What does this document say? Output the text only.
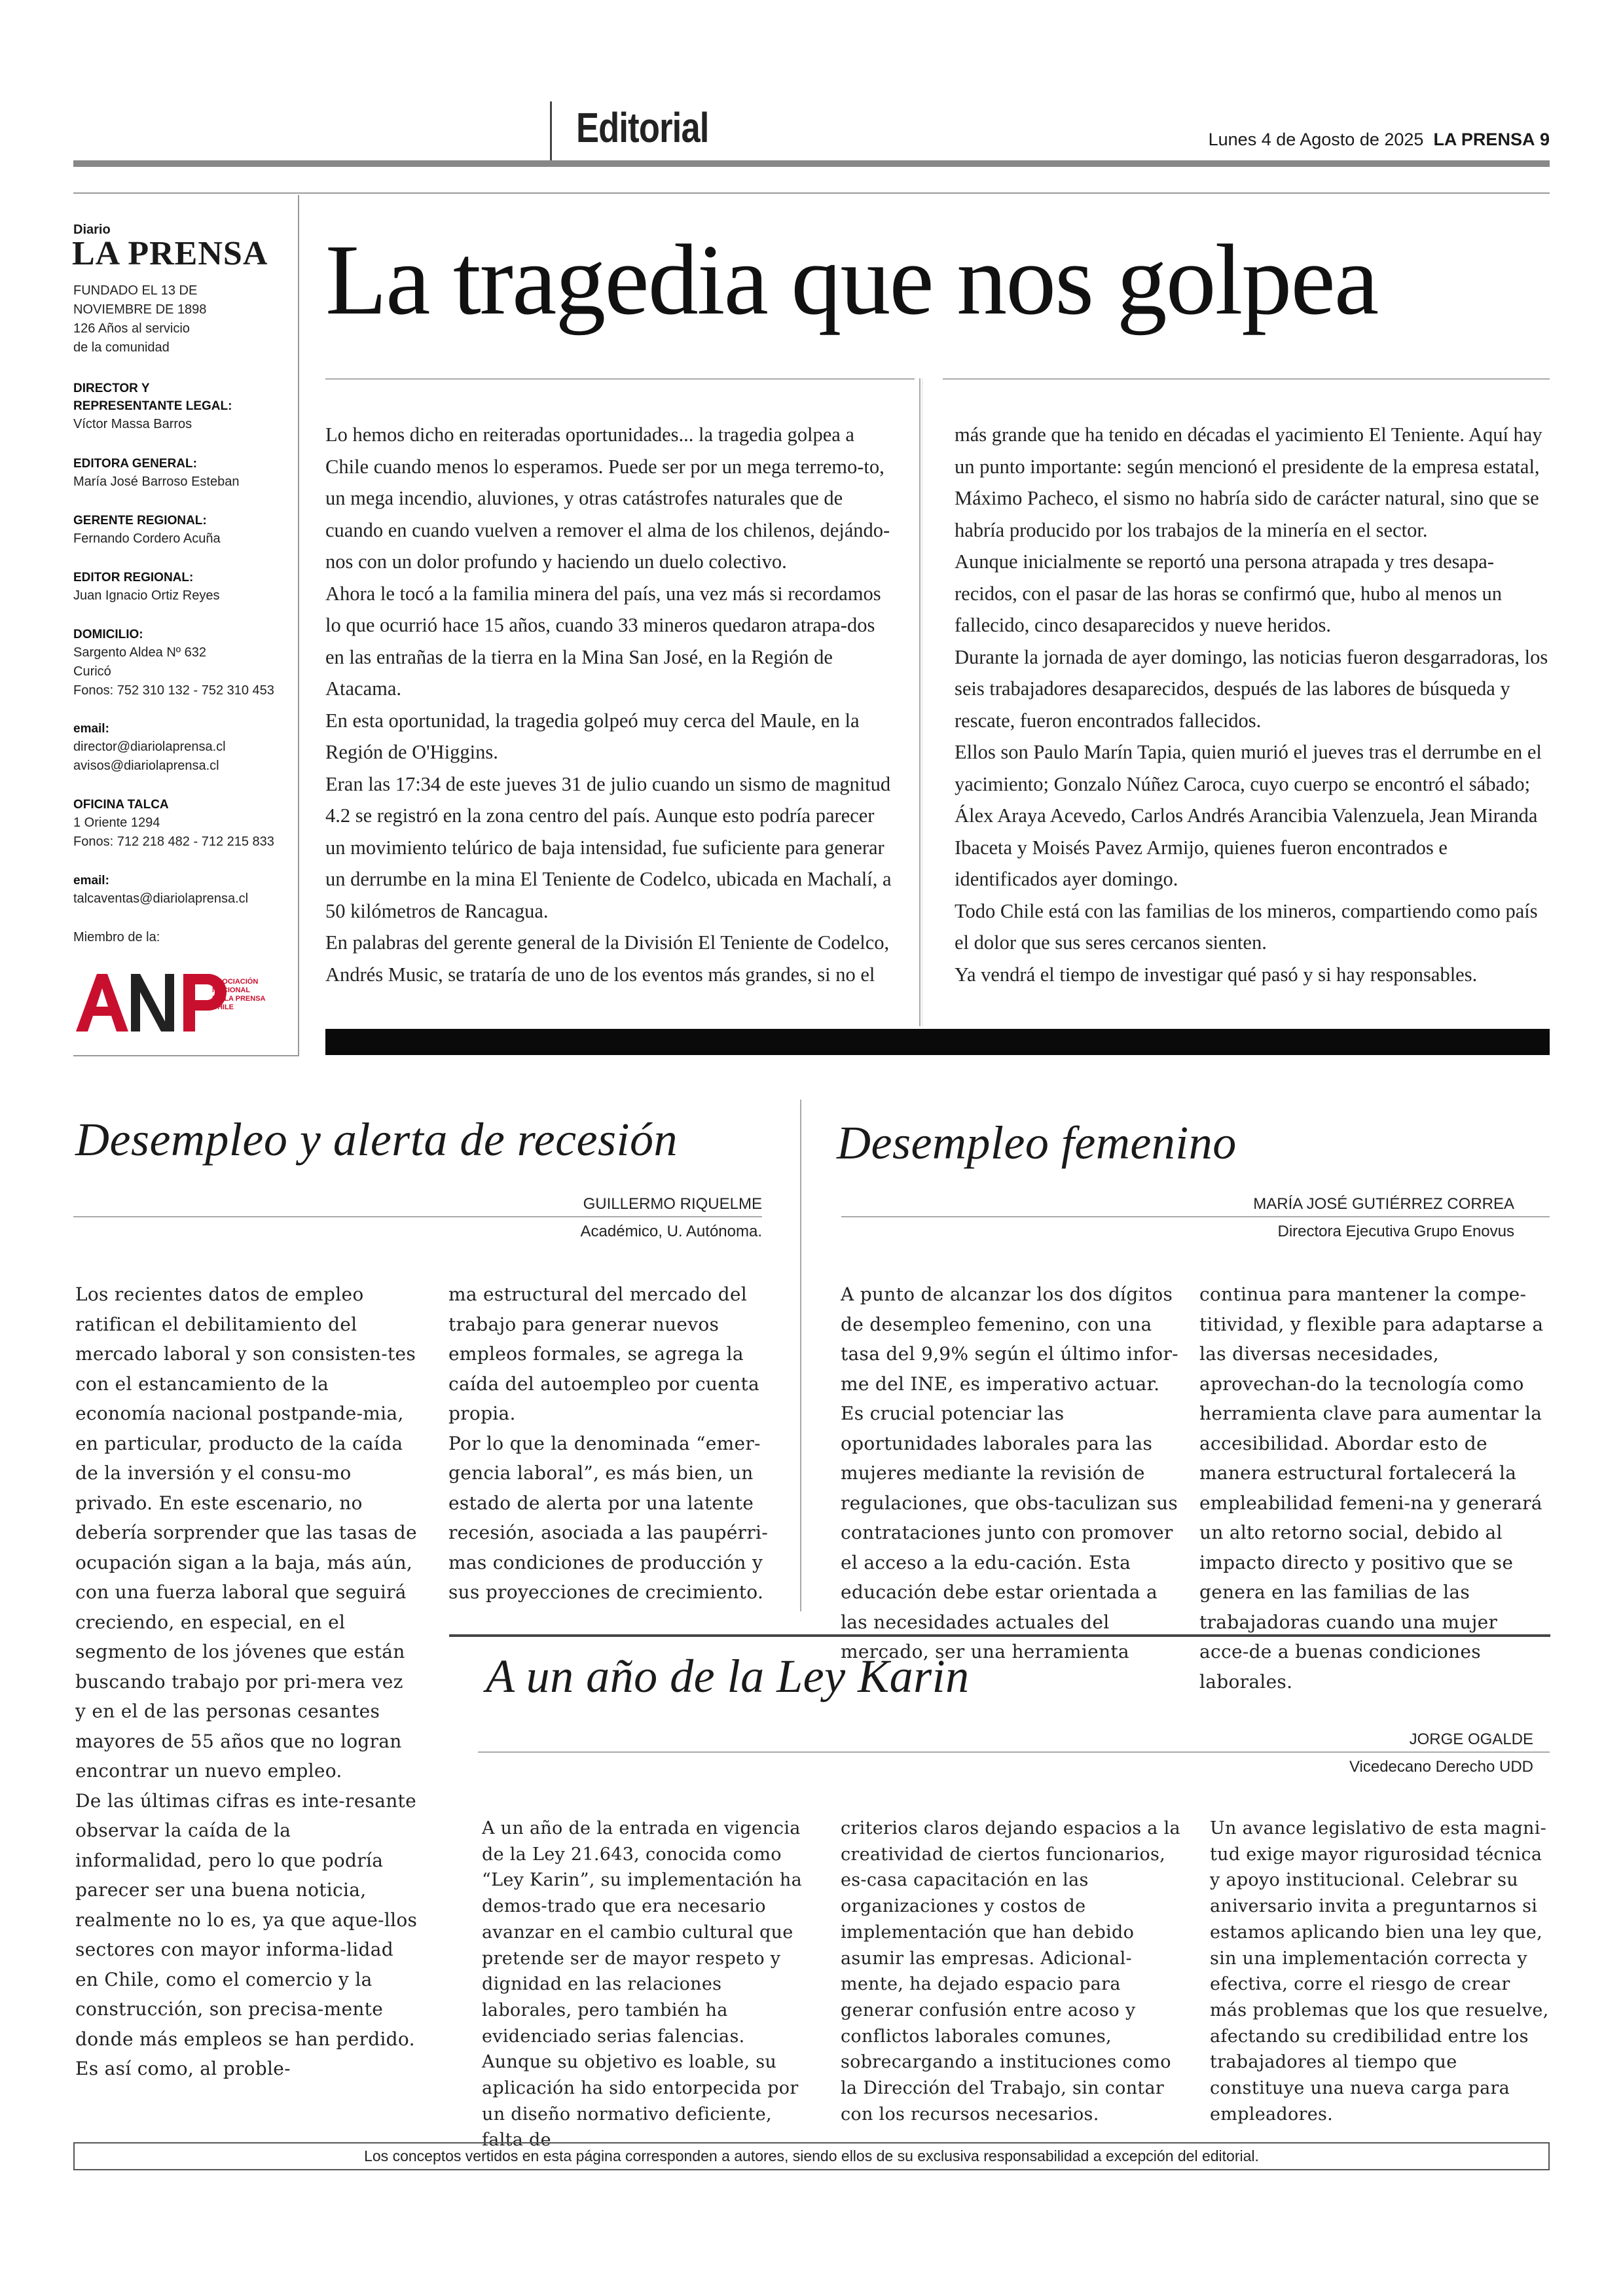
Editorial	Lunes 4 de Agosto de 2025 LA PRENSA 9
Diario
LA PRENSA
FUNDADO EL 13 DE
NOVIEMBRE DE 1898
126 Años al servicio
de la comunidad
DIRECTOR Y
REPRESENTANTE LEGAL:
Víctor Massa Barros
EDITORA GENERAL:
María José Barroso Esteban
GERENTE REGIONAL:
Fernando Cordero Acuña
EDITOR REGIONAL:
Juan Ignacio Ortiz Reyes
DOMICILIO:
Sargento Aldea Nº 632
Curicó
Fonos: 752 310 132 - 752 310 453
email:
director@diariolaprensa.cl
avisos@diariolaprensa.cl
OFICINA TALCA
1 Oriente 1294
Fonos: 712 218 482 - 712 215 833
email:
talcaventas@diariolaprensa.cl
Miembro de la:
ASOCIACIÓN
NACIONAL
DE LA PRENSA
CHILE
La tragedia que nos golpea

Lo hemos dicho en reiteradas oportunidades... la tragedia golpea a Chile cuando menos lo esperamos. Puede ser por un mega terremo-to, un mega incendio, aluviones, y otras catástrofes naturales que de cuando en cuando vuelven a remover el alma de los chilenos, dejándo-nos con un dolor profundo y haciendo un duelo colectivo.

Ahora le tocó a la familia minera del país, una vez más si recordamos lo que ocurrió hace 15 años, cuando 33 mineros quedaron atrapa-dos en las entrañas de la tierra en la Mina San José, en la Región de Atacama.

En esta oportunidad, la tragedia golpeó muy cerca del Maule, en la Región de O'Higgins.

Eran las 17:34 de este jueves 31 de julio cuando un sismo de magnitud 4.2 se registró en la zona centro del país. Aunque esto podría parecer un movimiento telúrico de baja intensidad, fue suficiente para generar un derrumbe en la mina El Teniente de Codelco, ubicada en Machalí, a 50 kilómetros de Rancagua.

En palabras del gerente general de la División El Teniente de Codelco, Andrés Music, se trataría de uno de los eventos más grandes, si no el

más grande que ha tenido en décadas el yacimiento El Teniente. Aquí hay un punto importante: según mencionó el presidente de la empresa estatal, Máximo Pacheco, el sismo no habría sido de carácter natural, sino que se habría producido por los trabajos de la minería en el sector.

Aunque inicialmente se reportó una persona atrapada y tres desapa-recidos, con el pasar de las horas se confirmó que, hubo al menos un fallecido, cinco desaparecidos y nueve heridos.

Durante la jornada de ayer domingo, las noticias fueron desgarradoras, los seis trabajadores desaparecidos, después de las labores de búsqueda y rescate, fueron encontrados fallecidos.

Ellos son Paulo Marín Tapia, quien murió el jueves tras el derrumbe en el yacimiento; Gonzalo Núñez Caroca, cuyo cuerpo se encontró el sábado; Álex Araya Acevedo, Carlos Andrés Arancibia Valenzuela, Jean Miranda Ibaceta y Moisés Pavez Armijo, quienes fueron encontrados e identificados ayer domingo.

Todo Chile está con las familias de los mineros, compartiendo como país el dolor que sus seres cercanos sienten.

Ya vendrá el tiempo de investigar qué pasó y si hay responsables.

Desempleo y alerta de recesión
GUILLERMO RIQUELME
Académico, U. Autónoma.

Los recientes datos de empleo ratifican el debilitamiento del mercado laboral y son consisten-tes con el estancamiento de la economía nacional postpande-mia, en particular, producto de la caída de la inversión y el consu-mo privado. En este escenario, no debería sorprender que las tasas de ocupación sigan a la baja, más aún, con una fuerza laboral que seguirá creciendo, en especial, en el segmento de los jóvenes que están buscando trabajo por pri-mera vez y en el de las personas cesantes mayores de 55 años que no logran encontrar un nuevo empleo.

De las últimas cifras es inte-resante observar la caída de la informalidad, pero lo que podría parecer ser una buena noticia, realmente no lo es, ya que aque-llos sectores con mayor informa-lidad en Chile, como el comercio y la construcción, son precisa-mente donde más empleos se han perdido. Es así como, al proble-

ma estructural del mercado del trabajo para generar nuevos empleos formales, se agrega la caída del autoempleo por cuenta propia.

Por lo que la denominada “emer-gencia laboral”, es más bien, un estado de alerta por una latente recesión, asociada a las paupérri-mas condiciones de producción y sus proyecciones de crecimiento.

Desempleo femenino
MARÍA JOSÉ GUTIÉRREZ CORREA
Directora Ejecutiva Grupo Enovus

A punto de alcanzar los dos dígitos de desempleo femenino, con una tasa del 9,9% según el último infor-me del INE, es imperativo actuar. Es crucial potenciar las oportunidades laborales para las mujeres mediante la revisión de regulaciones, que obs-taculizan sus contrataciones junto con promover el acceso a la edu-cación. Esta educación debe estar orientada a las necesidades actuales del mercado, ser una herramienta

continua para mantener la compe-titividad, y flexible para adaptarse a las diversas necesidades, aprovechan-do la tecnología como herramienta clave para aumentar la accesibilidad. Abordar esto de manera estructural fortalecerá la empleabilidad femeni-na y generará un alto retorno social, debido al impacto directo y positivo que se genera en las familias de las trabajadoras cuando una mujer acce-de a buenas condiciones laborales.

A un año de la Ley Karin
JORGE OGALDE
Vicedecano Derecho UDD

A un año de la entrada en vigencia de la Ley 21.643, conocida como “Ley Karin”, su implementación ha demos-trado que era necesario avanzar en el cambio cultural que pretende ser de mayor respeto y dignidad en las relaciones laborales, pero también ha evidenciado serias falencias.

Aunque su objetivo es loable, su aplicación ha sido entorpecida por un diseño normativo deficiente, falta de

criterios claros dejando espacios a la creatividad de ciertos funcionarios, es-casa capacitación en las organizaciones y costos de implementación que han debido asumir las empresas. Adicional-mente, ha dejado espacio para generar confusión entre acoso y conflictos laborales comunes, sobrecargando a instituciones como la Dirección del Trabajo, sin contar con los recursos necesarios.

Un avance legislativo de esta magni-tud exige mayor rigurosidad técnica y apoyo institucional. Celebrar su aniversario invita a preguntarnos si estamos aplicando bien una ley que, sin una implementación correcta y efectiva, corre el riesgo de crear más problemas que los que resuelve, afectando su credibilidad entre los trabajadores al tiempo que constituye una nueva carga para empleadores.

Los conceptos vertidos en esta página corresponden a autores, siendo ellos de su exclusiva responsabilidad a excepción del editorial.
